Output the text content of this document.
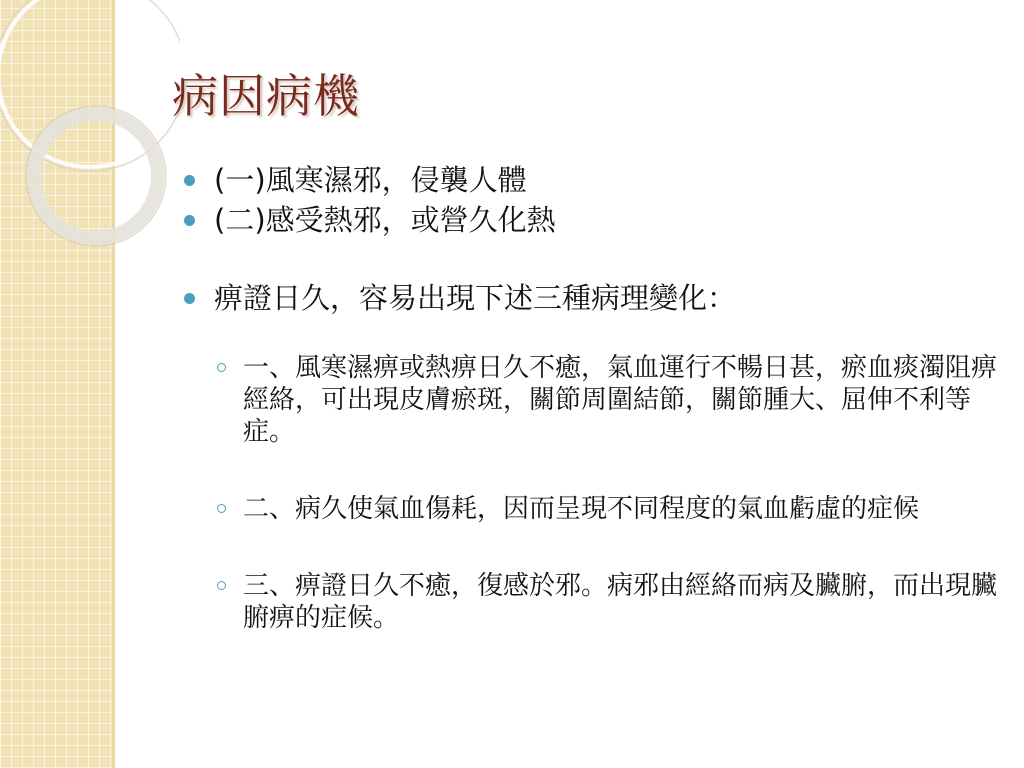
病因病機
(一)風寒濕邪，侵襲人體
(二)感受熱邪，或營久化熱
痹證日久，容易出現下述三種病理變化：
一、風寒濕痹或熱痹日久不癒，氣血運行不暢日甚，瘀血痰濁阻痹經絡，可出現皮膚瘀斑，關節周圍結節，關節腫大、屈伸不利等症。
二、病久使氣血傷耗，因而呈現不同程度的氣血虧虛的症候
三、痹證日久不癒，復感於邪。病邪由經絡而病及臟腑，而出現臟腑痹的症候。
